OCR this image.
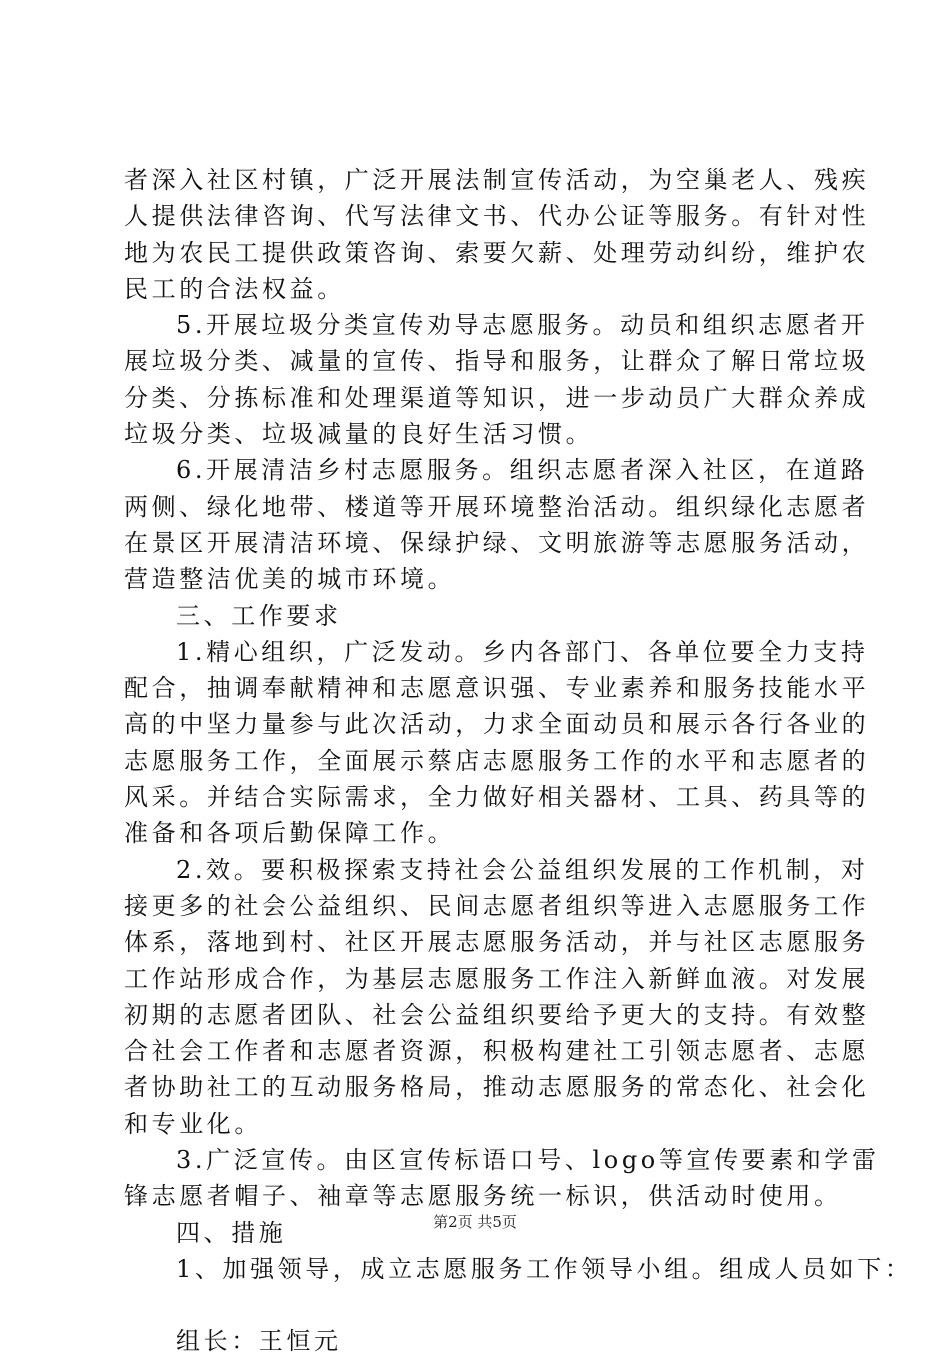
者深入社区村镇，广泛开展法制宣传活动，为空巢老人、残疾
人提供法律咨询、代写法律文书、代办公证等服务。有针对性
地为农民工提供政策咨询、索要欠薪、处理劳动纠纷，维护农
民工的合法权益。
5.开展垃圾分类宣传劝导志愿服务。动员和组织志愿者开
展垃圾分类、减量的宣传、指导和服务，让群众了解日常垃圾
分类、分拣标准和处理渠道等知识，进一步动员广大群众养成
垃圾分类、垃圾减量的良好生活习惯。
6.开展清洁乡村志愿服务。组织志愿者深入社区，在道路
两侧、绿化地带、楼道等开展环境整治活动。组织绿化志愿者
在景区开展清洁环境、保绿护绿、文明旅游等志愿服务活动，
营造整洁优美的城市环境。
三、工作要求
1.精心组织，广泛发动。乡内各部门、各单位要全力支持
配合，抽调奉献精神和志愿意识强、专业素养和服务技能水平
高的中坚力量参与此次活动，力求全面动员和展示各行各业的
志愿服务工作，全面展示蔡店志愿服务工作的水平和志愿者的
风采。并结合实际需求，全力做好相关器材、工具、药具等的
准备和各项后勤保障工作。
2.效。要积极探索支持社会公益组织发展的工作机制，对
接更多的社会公益组织、民间志愿者组织等进入志愿服务工作
体系，落地到村、社区开展志愿服务活动，并与社区志愿服务
工作站形成合作，为基层志愿服务工作注入新鲜血液。对发展
初期的志愿者团队、社会公益组织要给予更大的支持。有效整
合社会工作者和志愿者资源，积极构建社工引领志愿者、志愿
者协助社工的互动服务格局，推动志愿服务的常态化、社会化
和专业化。
3.广泛宣传。由区宣传标语口号、logo等宣传要素和学雷
锋志愿者帽子、袖章等志愿服务统一标识，供活动时使用。
四、措施
1、加强领导，成立志愿服务工作领导小组。组成人员如下：
组长：王恒元
第2页 共5页
